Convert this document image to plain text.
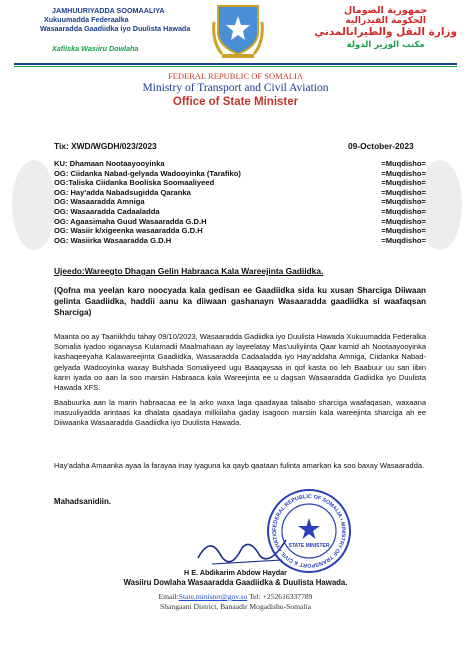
JAMHUURIYADDA SOOMAALIYA
Xukuumadda Federaalka
Wasaaradda Gaadiidka iyo Duulista Hawada
Xafiiska Wasiiru Dowlaha
جمهورية الصومال
الحكومة الفيدرالية
وزارة النقل والطيرانالمدني
مكتب الوزير الدولة
FEDERAL REPUBLIC OF SOMALIA
Ministry of Transport and Civil Aviation
Office of State Minister
Tix: XWD/WGDH/023/2023	09-October-2023
KU: Dhamaan Nootaayooyinka	=Muqdisho=
OG: Ciidanka Nabad-gelyada Wadooyinka (Tarafiko)	=Muqdisho=
OG:Taliska Ciidanka Booliska Soomaaliyeed	=Muqdisho=
OG: Hay'adda Nabadsugidda Qaranka	=Muqdisho=
OG: Wasaaradda Amniga	=Muqdisho=
OG: Wasaaradda Cadaaladda	=Muqdisho=
OG: Agaasimaha Guud Wasaaradda G.D.H	=Muqdisho=
OG: Wasiir k/xigeenka wasaaradda G.D.H	=Muqdisho=
OG: Wasiirka Wasaaradda G.D.H	=Muqdisho=
Ujeedo:Wareegto Dhagan Gelin Habraaca Kala Wareejinta Gadiidka.
(Qofna ma yeelan karo noocyada kala gedisan ee Gaadiidka sida ku xusan Sharciga Diiwaan gelinta Gaadiidka, haddii aanu ka diiwaan gashanayn Wasaaradda gaadiidka si waafaqsan Sharciga)
Maanta oo ay Taariikhdu tahay 09/10/2023, Wasaaradda Gadiidka iyo Duulista Hawada Xukuumadda Federalka Somalia iyadoo xiganaysa Kulamadii Maalmahaan ay layeelatay Mas'uuliyiinta Qaar kamid ah Nootaayooyinka kashaqeeyaha Kalawareejinta Gaadiidka, Wasaaradda Cadaaladda iyo Hay'addaha Amniga, Ciidanka Nabad-gelyada Wadooyinka waxay Bulshada Somaliyeed ugu Baaqaysaa in qof kasta oo leh Baabuur uu san iibin karin iyada oo aan la soo marsiin Habraaca kala Wareejinta ee u dagsan Wasaaradda Gadiidka iyo Duulista Hawada XFS.
Baabuurka aan la marin habraacaa ee la arko waxa laga qaadayaa talaabo sharciga waafaqasan, waxaana masuuliyadda arintaas ka dhalata qaadaya milkiilaha gaday isagoon marsiin kala wareejinta sharciga ah ee Diiwaanka Wasaaradda Gaadiidka iyo Duulista Hawada.
Hay'adaha Amaanka ayaa la farayaa inay iyaguna ka qayb qaataan fulinta amarkan ka soo baxay Wasaaradda.
Mahadsanidiin.
FEDERAL REPUBLIC OF SOMALIA • MINISTRY OF TRANSPORT & CIVIL AVIATIO
STATE MINISTER
H E. Abdikarim Abdow Haydar
Wasiiru Dowlaha Wasaaradda Gaadiidka & Duulista Hawada.
Email:State.minister@gov.so Tel: +252616337789
Shangaani District, Banaadir Mogadishu-Somalia
